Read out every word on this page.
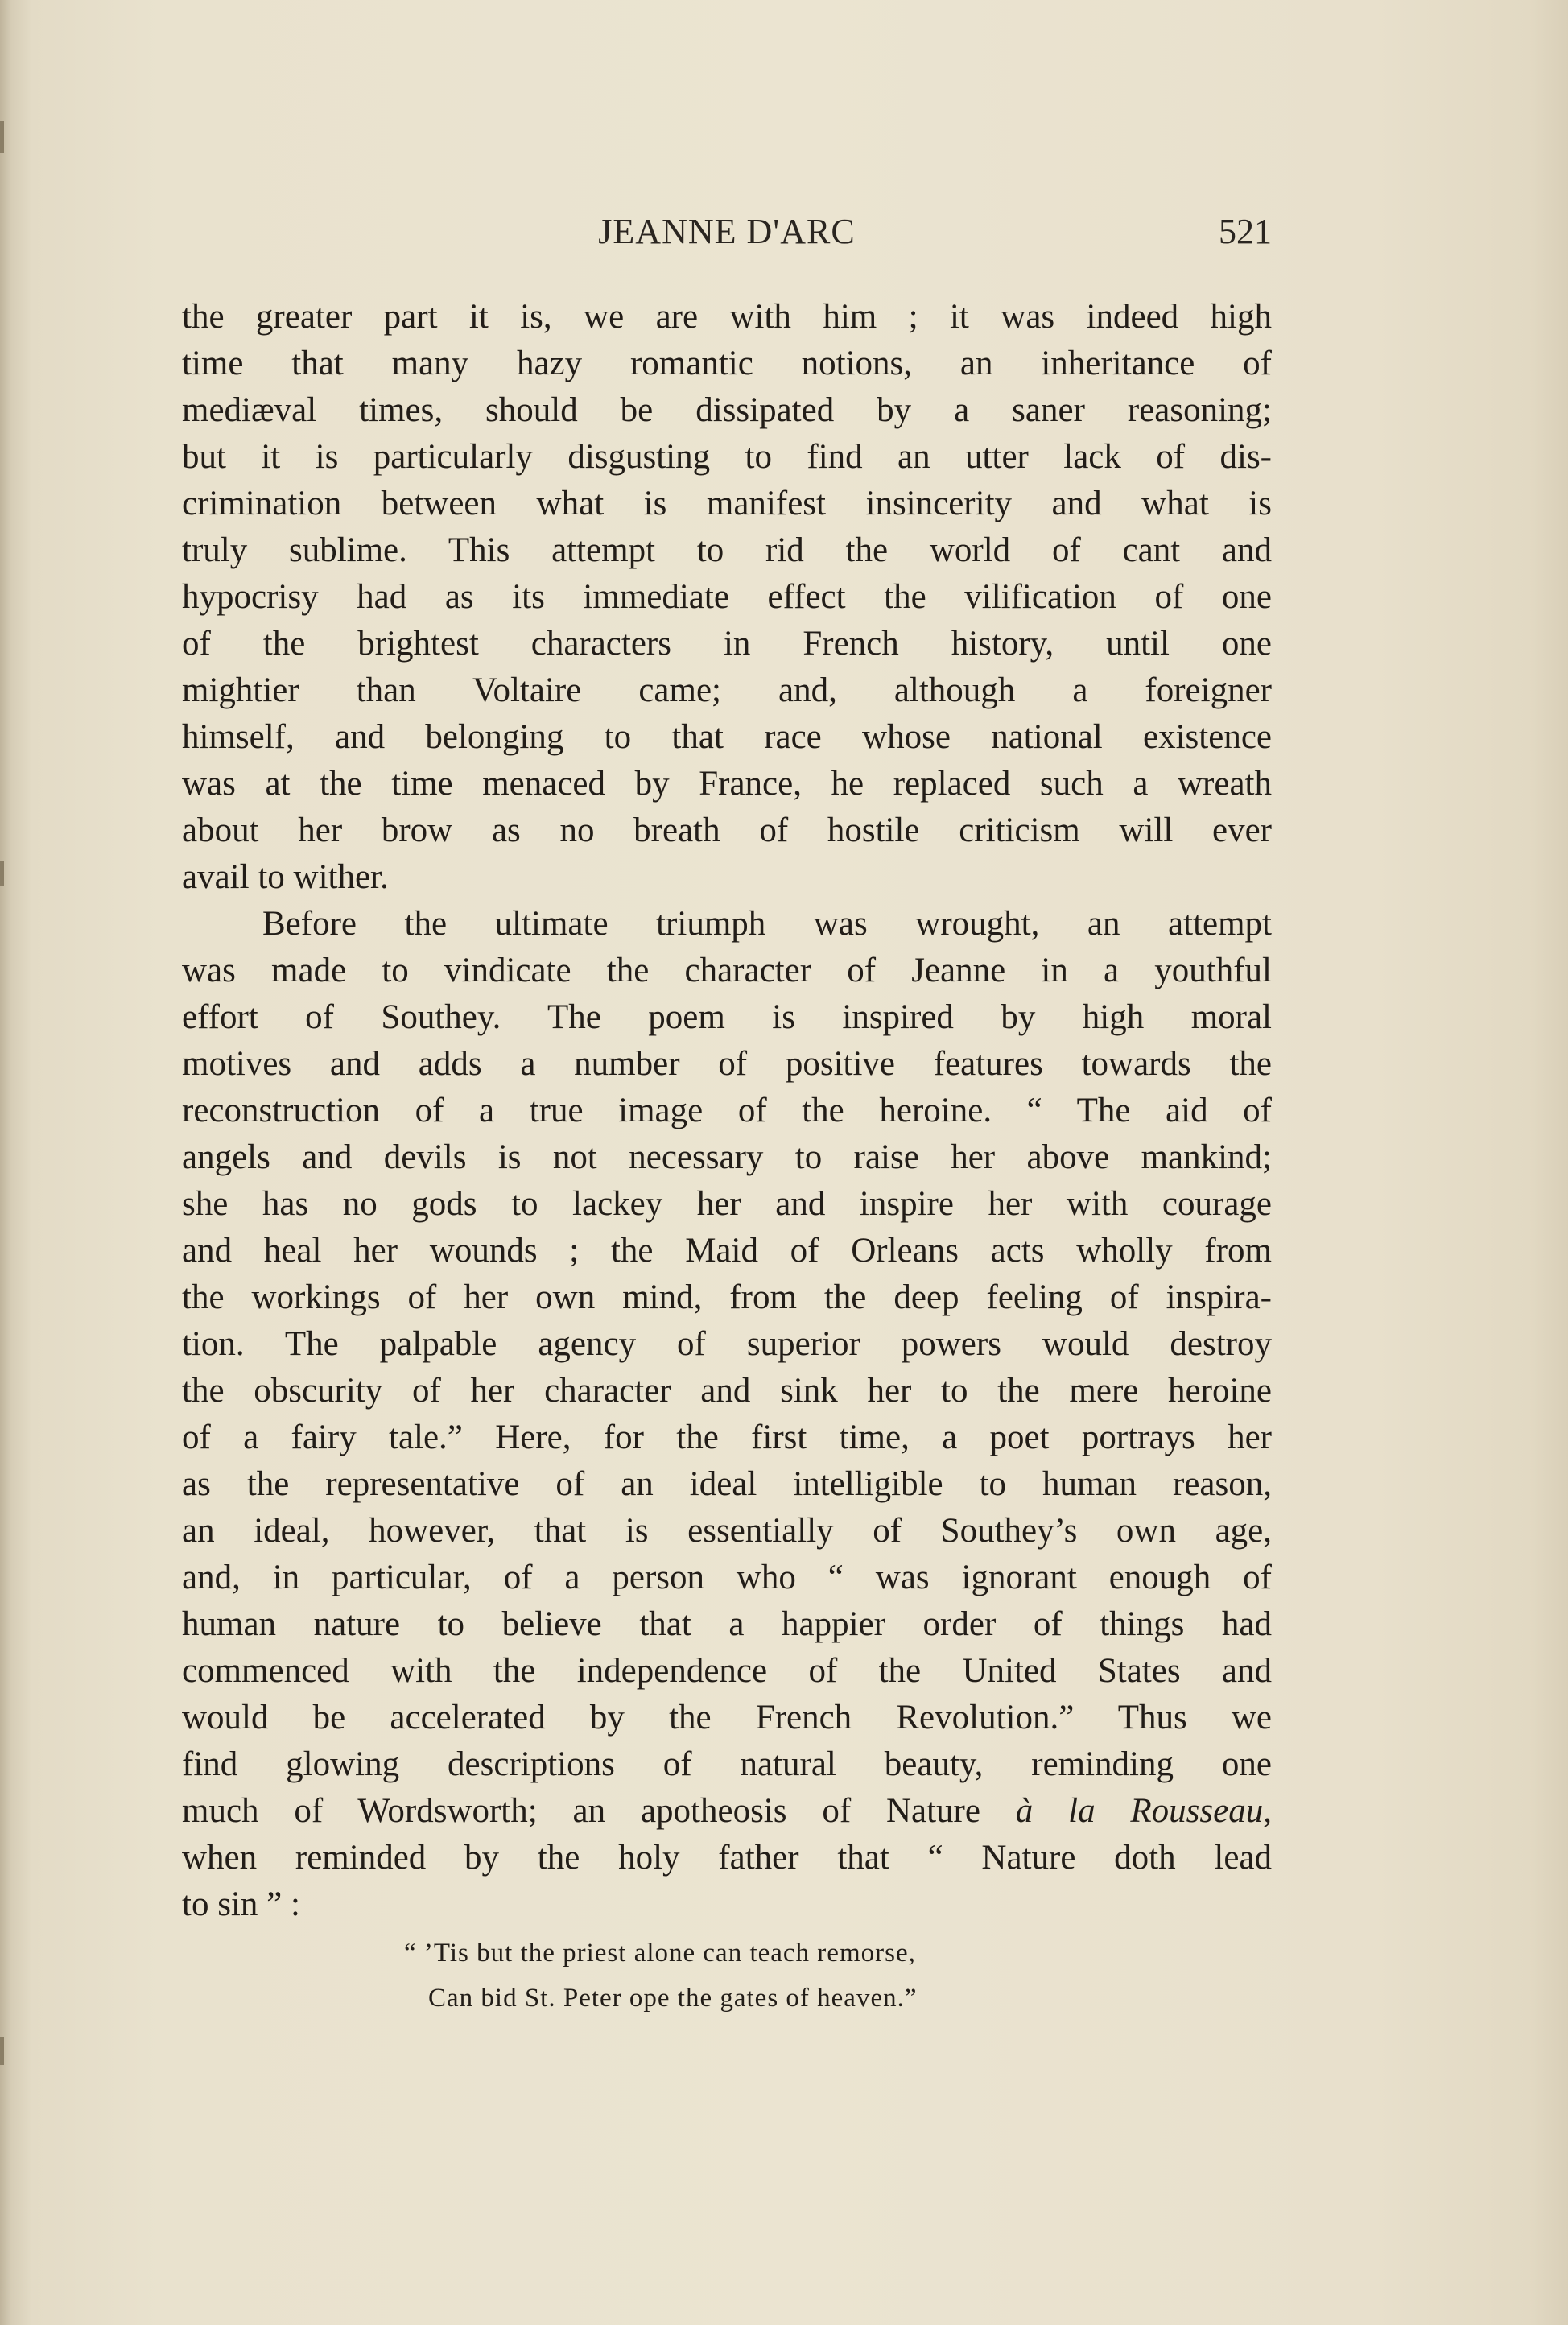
JEANNE D'ARC	521
the greater part it is, we are with him ; it was indeed high
time that many hazy romantic notions, an inheritance of
mediæval times, should be dissipated by a saner reasoning;
but it is particularly disgusting to find an utter lack of dis-
crimination between what is manifest insincerity and what is
truly sublime. This attempt to rid the world of cant and
hypocrisy had as its immediate effect the vilification of one
of the brightest characters in French history, until one
mightier than Voltaire came; and, although a foreigner
himself, and belonging to that race whose national existence
was at the time menaced by France, he replaced such a wreath
about her brow as no breath of hostile criticism will ever
avail to wither.
Before the ultimate triumph was wrought, an attempt
was made to vindicate the character of Jeanne in a youthful
effort of Southey. The poem is inspired by high moral
motives and adds a number of positive features towards the
reconstruction of a true image of the heroine. “ The aid of
angels and devils is not necessary to raise her above mankind;
she has no gods to lackey her and inspire her with courage
and heal her wounds ; the Maid of Orleans acts wholly from
the workings of her own mind, from the deep feeling of inspira-
tion. The palpable agency of superior powers would destroy
the obscurity of her character and sink her to the mere heroine
of a fairy tale.” Here, for the first time, a poet portrays her
as the representative of an ideal intelligible to human reason,
an ideal, however, that is essentially of Southey’s own age,
and, in particular, of a person who “ was ignorant enough of
human nature to believe that a happier order of things had
commenced with the independence of the United States and
would be accelerated by the French Revolution.” Thus we
find glowing descriptions of natural beauty, reminding one
much of Wordsworth; an apotheosis of Nature à la Rousseau,
when reminded by the holy father that “ Nature doth lead
to sin ” :
“ ’Tis but the priest alone can teach remorse,
Can bid St. Peter ope the gates of heaven.”
